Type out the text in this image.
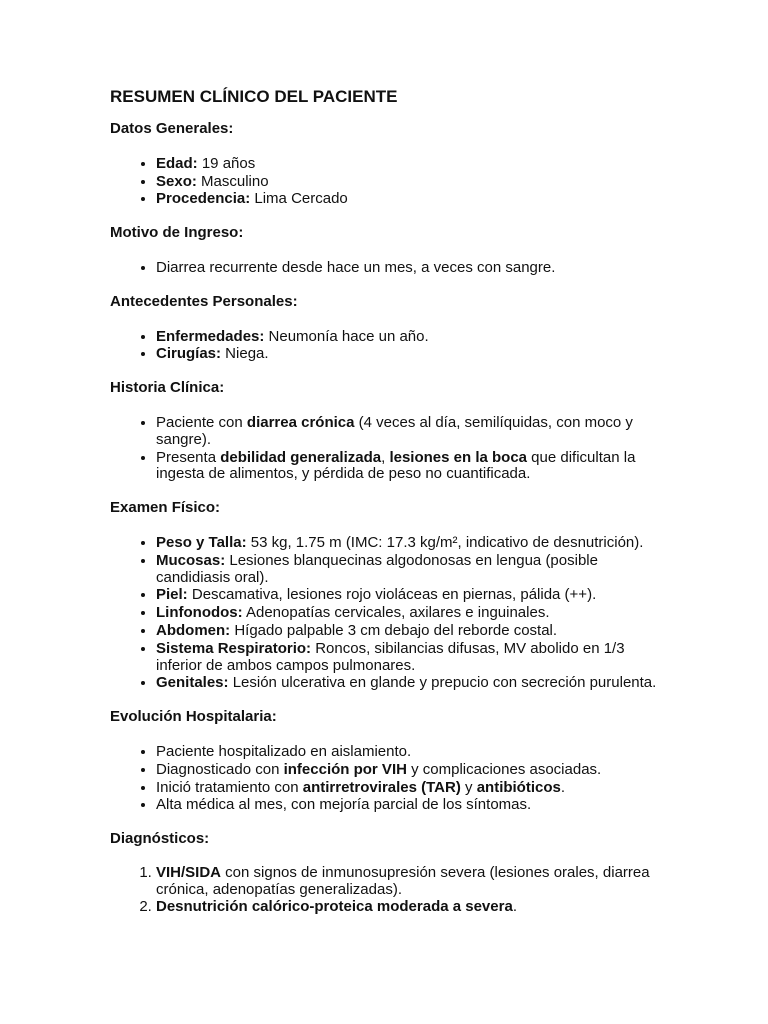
RESUMEN CLÍNICO DEL PACIENTE
Datos Generales:
• Edad: 19 años
• Sexo: Masculino
• Procedencia: Lima Cercado
Motivo de Ingreso:
• Diarrea recurrente desde hace un mes, a veces con sangre.
Antecedentes Personales:
• Enfermedades: Neumonía hace un año.
• Cirugías: Niega.
Historia Clínica:
• Paciente con diarrea crónica (4 veces al día, semilíquidas, con moco y sangre).
• Presenta debilidad generalizada, lesiones en la boca que dificultan la ingesta de alimentos, y pérdida de peso no cuantificada.
Examen Físico:
• Peso y Talla: 53 kg, 1.75 m (IMC: 17.3 kg/m², indicativo de desnutrición).
• Mucosas: Lesiones blanquecinas algodonosas en lengua (posible candidiasis oral).
• Piel: Descamativa, lesiones rojo violáceas en piernas, pálida (++).
• Linfonodos: Adenopatías cervicales, axilares e inguinales.
• Abdomen: Hígado palpable 3 cm debajo del reborde costal.
• Sistema Respiratorio: Roncos, sibilancias difusas, MV abolido en 1/3 inferior de ambos campos pulmonares.
• Genitales: Lesión ulcerativa en glande y prepucio con secreción purulenta.
Evolución Hospitalaria:
• Paciente hospitalizado en aislamiento.
• Diagnosticado con infección por VIH y complicaciones asociadas.
• Inició tratamiento con antirretrovirales (TAR) y antibióticos.
• Alta médica al mes, con mejoría parcial de los síntomas.
Diagnósticos:
1. VIH/SIDA con signos de inmunosupresión severa (lesiones orales, diarrea crónica, adenopatías generalizadas).
2. Desnutrición calórico-proteica moderada a severa.
